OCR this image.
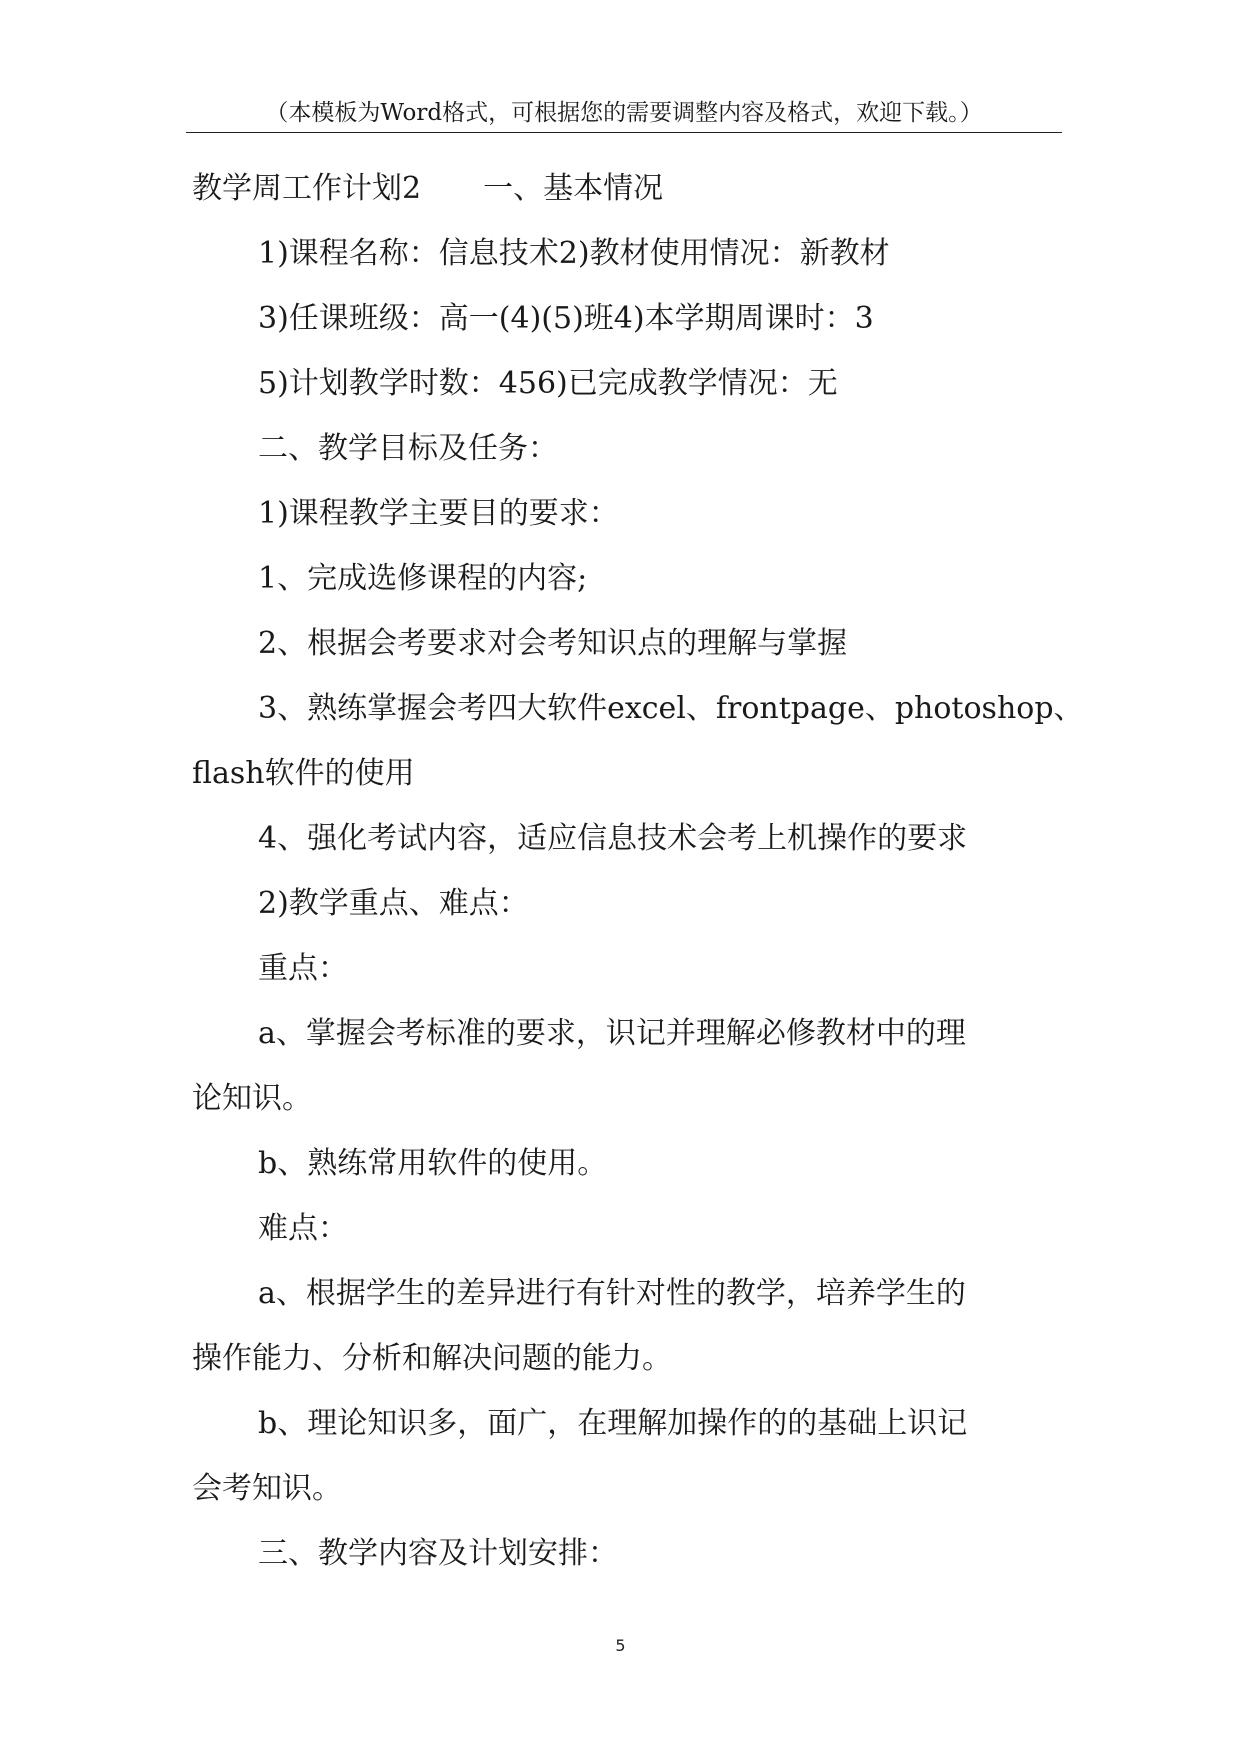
（本模板为Word格式，可根据您的需要调整内容及格式，欢迎下载。）
教学周工作计划2 一、基本情况
1)课程名称：信息技术2)教材使用情况：新教材
3)任课班级：高一(4)(5)班4)本学期周课时：3
5)计划教学时数：456)已完成教学情况：无
二、教学目标及任务：
1)课程教学主要目的要求：
1、完成选修课程的内容;
2、根据会考要求对会考知识点的理解与掌握
3、熟练掌握会考四大软件excel、frontpage、photoshop、
flash软件的使用
4、强化考试内容，适应信息技术会考上机操作的要求
2)教学重点、难点：
重点：
a、掌握会考标准的要求，识记并理解必修教材中的理
论知识。
b、熟练常用软件的使用。
难点：
a、根据学生的差异进行有针对性的教学，培养学生的
操作能力、分析和解决问题的能力。
b、理论知识多，面广，在理解加操作的的基础上识记
会考知识。
三、教学内容及计划安排：
5
